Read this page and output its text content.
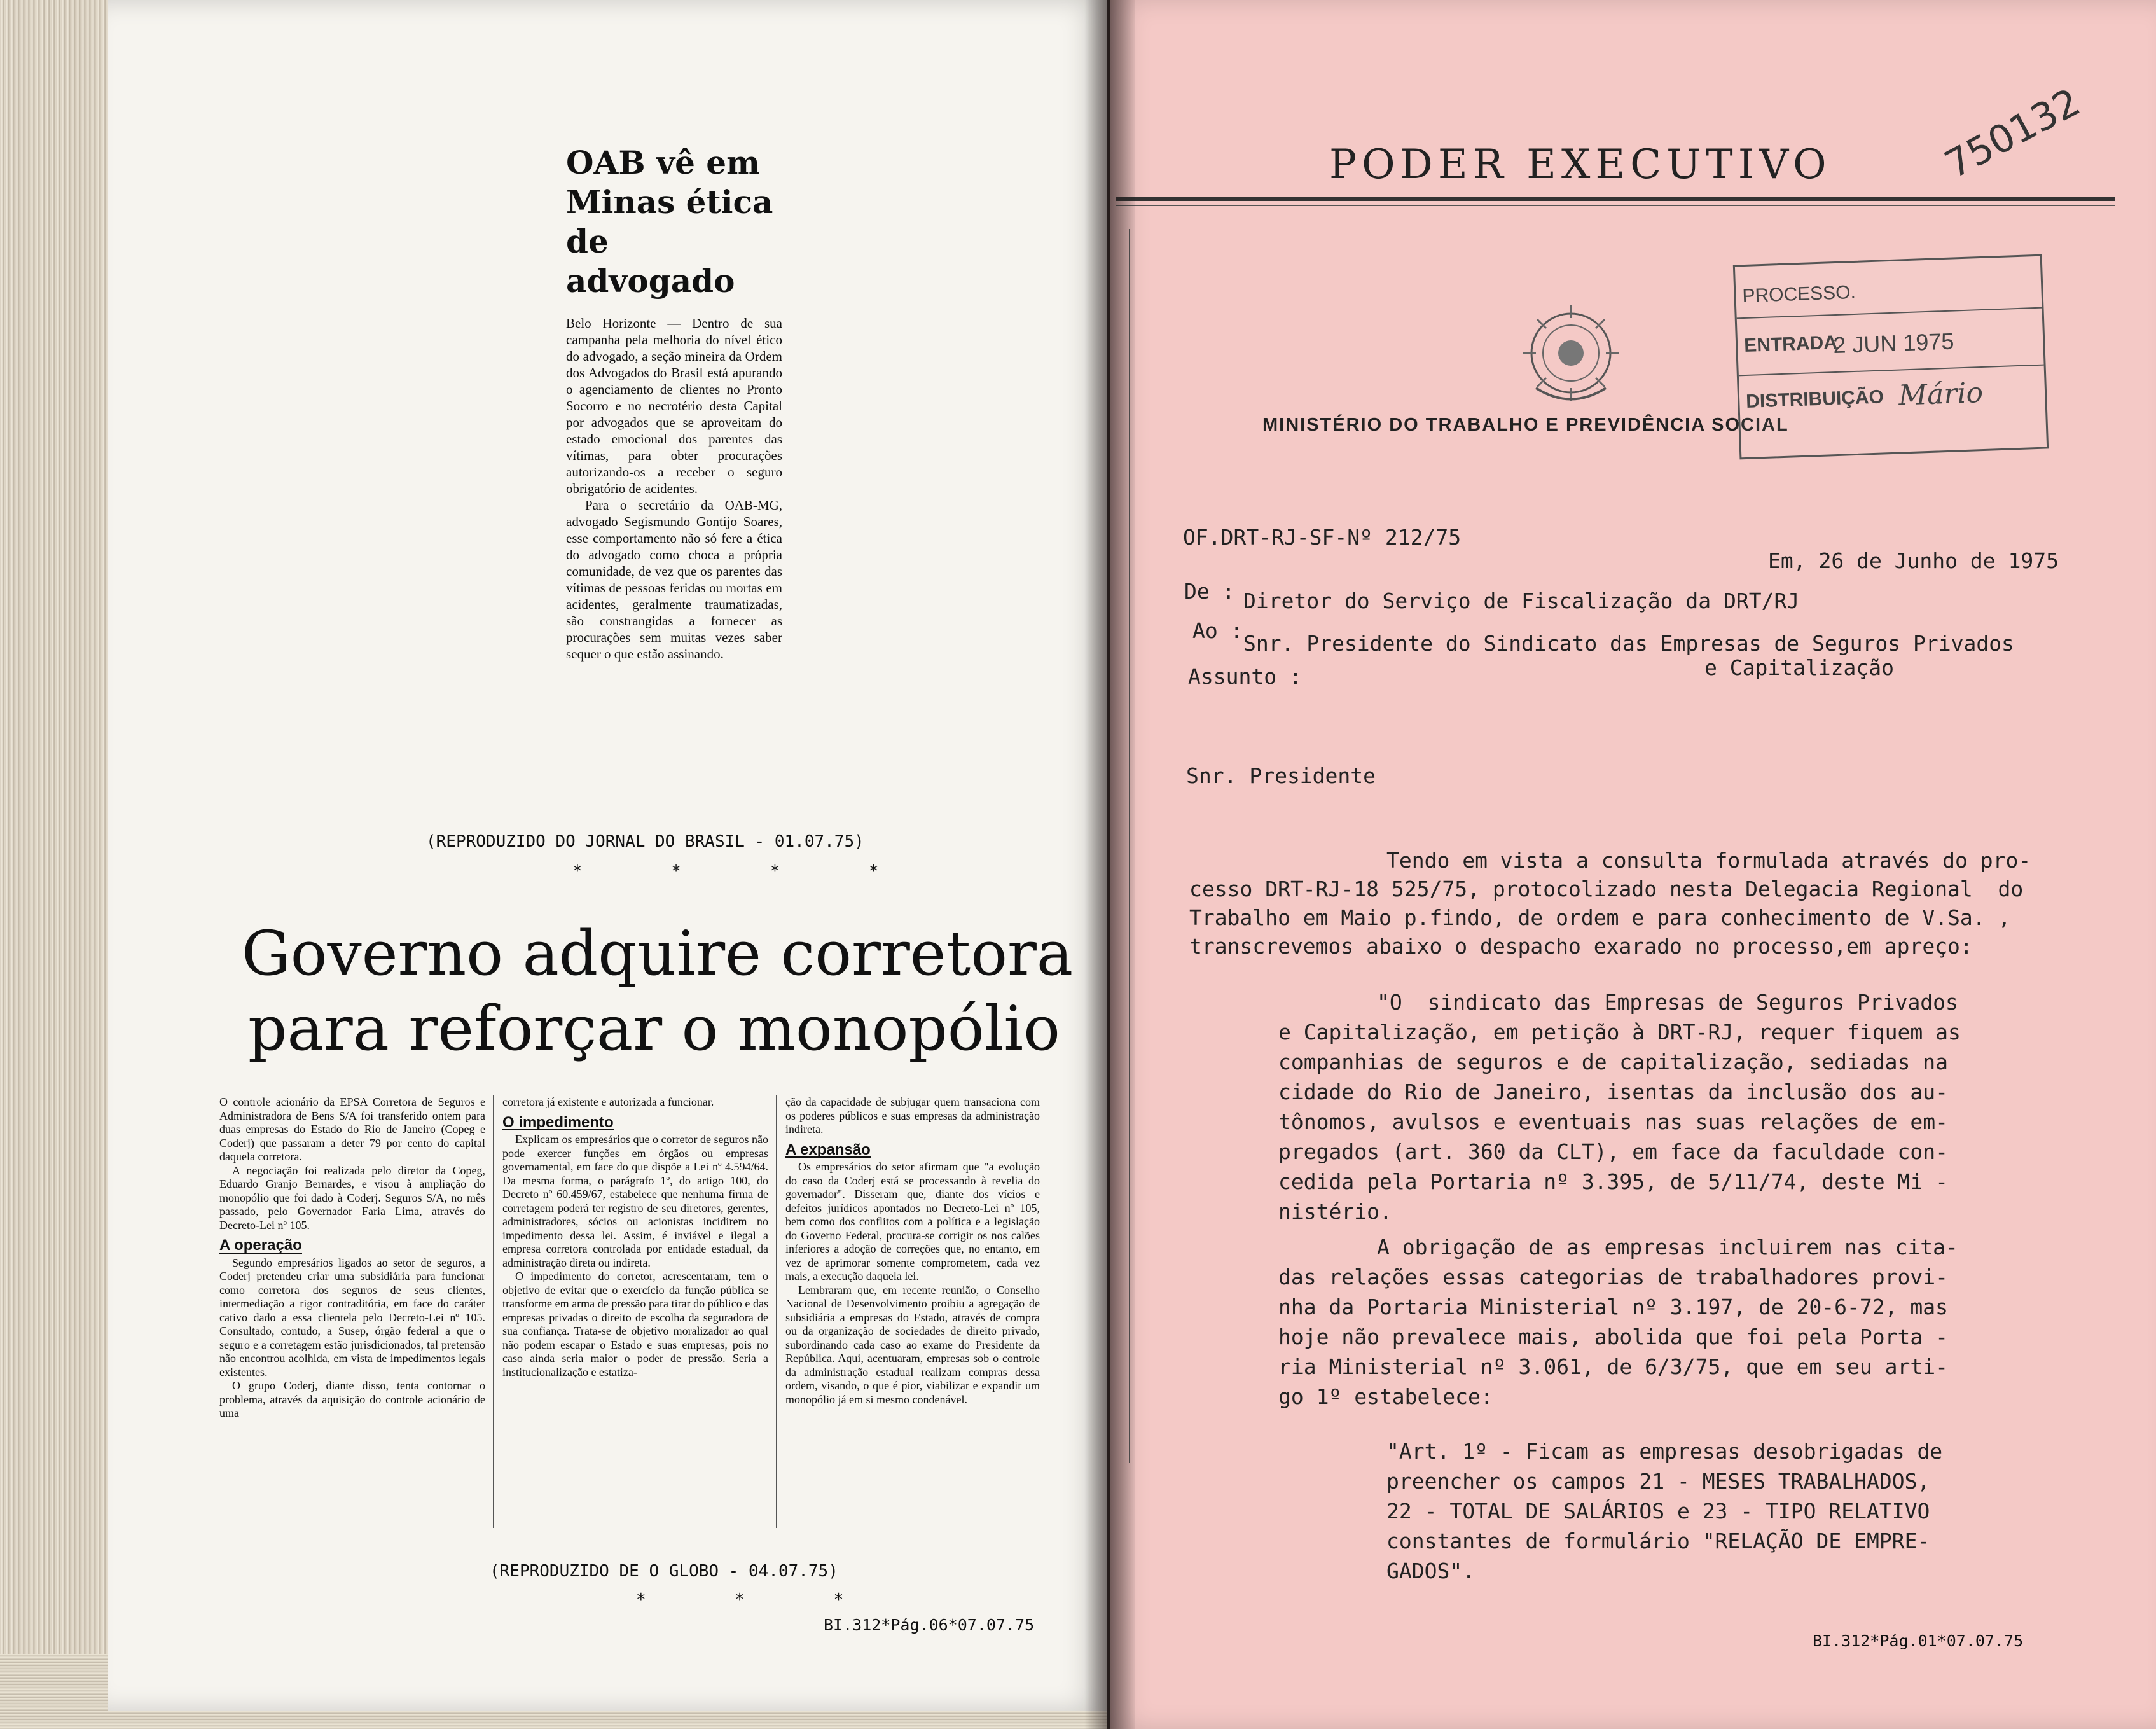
OAB vê em
Minas ética
de advogado

Belo Horizonte — Dentro de sua campanha pela melhoria do nível ético do advogado, a seção mineira da Ordem dos Advogados do Brasil está apurando o agenciamento de clientes no Pronto Socorro e no necrotério desta Capital por advogados que se aproveitam do estado emocional dos parentes das vítimas, para obter procurações autorizando-os a receber o seguro obrigatório de acidentes.

Para o secretário da OAB-MG, advogado Segismundo Gontijo Soares, esse comportamento não só fere a ética do advogado como choca a própria comunidade, de vez que os parentes das vítimas de pessoas feridas ou mortas em acidentes, geralmente traumatizadas, são constrangidas a fornecer as procurações sem muitas vezes saber sequer o que estão assinando.

(REPRODUZIDO DO JORNAL DO BRASIL - 01.07.75)
* * * *
Governo adquire corretora
para reforçar o monopólio

O controle acionário da EPSA Corretora de Seguros e Administradora de Bens S/A foi transferido ontem para duas empresas do Estado do Rio de Janeiro (Copeg e Coderj) que passaram a deter 79 por cento do capital daquela corretora.

A negociação foi realizada pelo diretor da Copeg, Eduardo Granjo Bernardes, e visou à ampliação do monopólio que foi dado à Coderj. Seguros S/A, no mês passado, pelo Governador Faria Lima, através do Decreto-Lei nº 105.

A operação

Segundo empresários ligados ao setor de seguros, a Coderj pretendeu criar uma subsidiária para funcionar como corretora dos seguros de seus clientes, intermediação a rigor contraditória, em face do caráter cativo dado a essa clientela pelo Decreto-Lei nº 105. Consultado, contudo, a Susep, órgão federal a que o seguro e a corretagem estão jurisdicionados, tal pretensão não encontrou acolhida, em vista de impedimentos legais existentes.

O grupo Coderj, diante disso, tenta contornar o problema, através da aquisição do controle acionário de uma

corretora já existente e autorizada a funcionar.

O impedimento

Explicam os empresários que o corretor de seguros não pode exercer funções em órgãos ou empresas governamental, em face do que dispõe a Lei nº 4.594/64. Da mesma forma, o parágrafo 1º, do artigo 100, do Decreto nº 60.459/67, estabelece que nenhuma firma de corretagem poderá ter registro de seu diretores, gerentes, administradores, sócios ou acionistas incidirem no impedimento dessa lei. Assim, é inviável e ilegal a empresa corretora controlada por entidade estadual, da administração direta ou indireta.

O impedimento do corretor, acrescentaram, tem o objetivo de evitar que o exercício da função pública se transforme em arma de pressão para tirar do público e das empresas privadas o direito de escolha da seguradora de sua confiança. Trata-se de objetivo moralizador ao qual não podem escapar o Estado e suas empresas, pois no caso ainda seria maior o poder de pressão. Seria a institucionalização e estatiza-

ção da capacidade de subjugar quem transaciona com os poderes públicos e suas empresas da administração indireta.

A expansão

Os empresários do setor afirmam que "a evolução do caso da Coderj está se processando à revelia do governador". Disseram que, diante dos vícios e defeitos jurídicos apontados no Decreto-Lei nº 105, bem como dos conflitos com a política e a legislação do Governo Federal, procura-se corrigir os nos calões inferiores a adoção de correções que, no entanto, em vez de aprimorar somente comprometem, cada vez mais, a execução daquela lei.

Lembraram que, em recente reunião, o Conselho Nacional de Desenvolvimento proibiu a agregação de subsidiária a empresas do Estado, através de compra ou da organização de sociedades de direito privado, subordinando cada caso ao exame do Presidente da República. Aqui, acentuaram, empresas sob o controle da administração estadual realizam compras dessa ordem, visando, o que é pior, viabilizar e expandir um monopólio já em si mesmo condenável.

(REPRODUZIDO DE O GLOBO - 04.07.75)
* * *
BI.312*Pág.06*07.07.75
PODER EXECUTIVO	750132
MINISTÉRIO DO TRABALHO E PREVIDÊNCIA SOCIAL
PROCESSO.
ENTRADA
2 JUN 1975
DISTRIBUIÇÃO Mário
OF.DRT-RJ-SF-Nº 212/75
Em, 26 de Junho de 1975
De : Diretor do Serviço de Fiscalização da DRT/RJ
Ao :
Snr. Presidente do Sindicato das Empresas de Seguros Privados
e Capitalização
Assunto :
Snr. Presidente
Tendo em vista a consulta formulada através do pro-
cesso DRT-RJ-18 525/75, protocolizado nesta Delegacia Regional  do
Trabalho em Maio p.findo, de ordem e para conhecimento de V.Sa. ,
transcrevemos abaixo o despacho exarado no processo,em apreço:
"O  sindicato das Empresas de Seguros Privados
e Capitalização, em petição à DRT-RJ, requer fiquem as
companhias de seguros e de capitalização, sediadas na
cidade do Rio de Janeiro, isentas da inclusão dos au-
tônomos, avulsos e eventuais nas suas relações de em-
pregados (art. 360 da CLT), em face da faculdade con-
cedida pela Portaria nº 3.395, de 5/11/74, deste Mi -
nistério.
A obrigação de as empresas incluirem nas cita-
das relações essas categorias de trabalhadores provi-
nha da Portaria Ministerial nº 3.197, de 20-6-72, mas
hoje não prevalece mais, abolida que foi pela Porta -
ria Ministerial nº 3.061, de 6/3/75, que em seu arti-
go 1º estabelece:
"Art. 1º - Ficam as empresas desobrigadas de
preencher os campos 21 - MESES TRABALHADOS,
22 - TOTAL DE SALÁRIOS e 23 - TIPO RELATIVO
constantes de formulário "RELAÇÃO DE EMPRE-
GADOS".
BI.312*Pág.01*07.07.75
